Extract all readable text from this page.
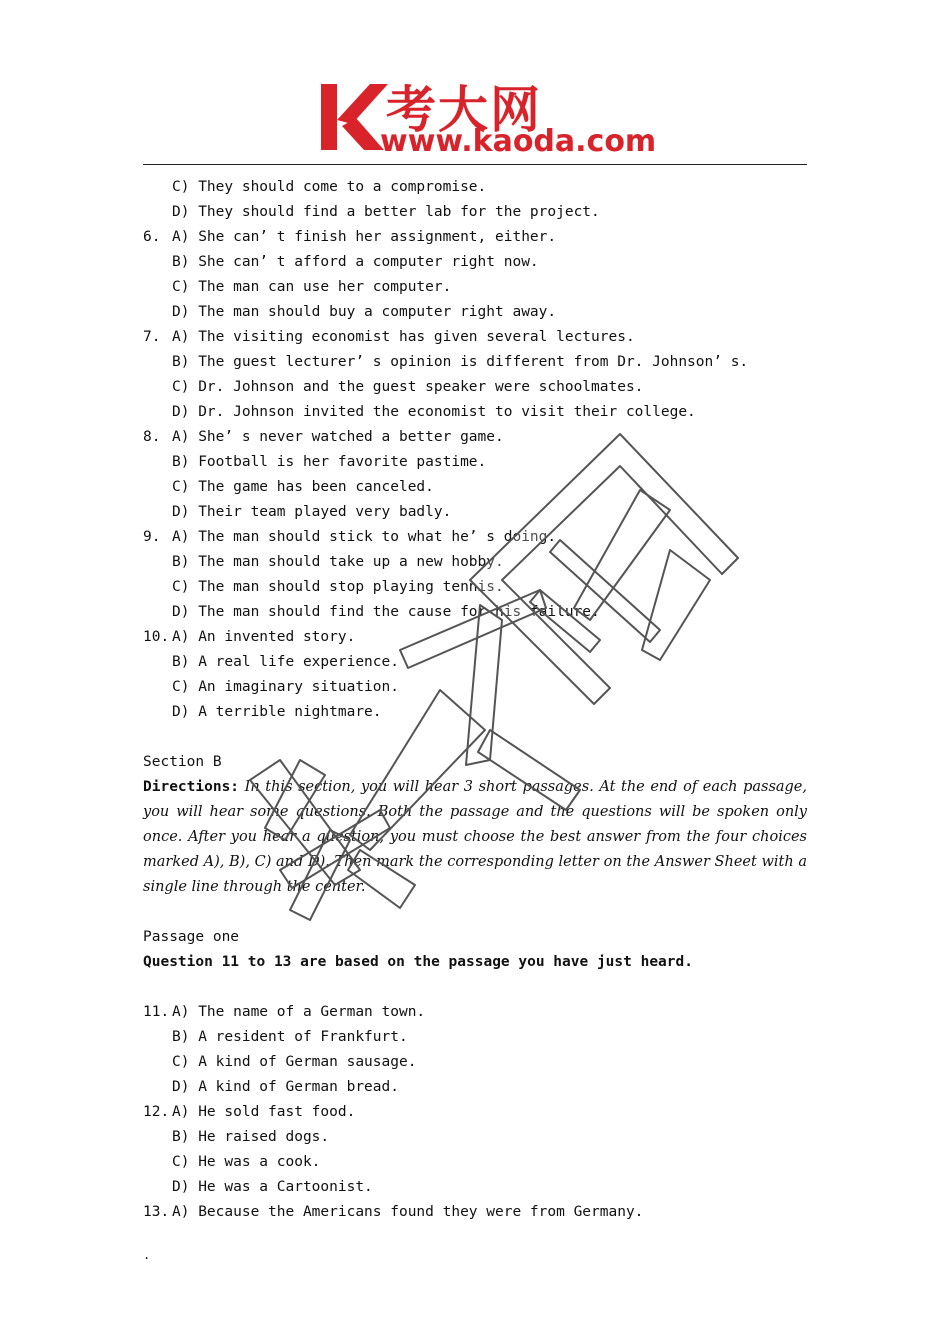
考大网
www.kaoda.com
C) They should come to a compromise.
D) They should find a better lab for the project.
6. A) She can’ t finish her assignment, either.
B) She can’ t afford a computer right now.
C) The man can use her computer.
D) The man should buy a computer right away.
7. A) The visiting economist has given several lectures.
B) The guest lecturer’ s opinion is different from Dr. Johnson’ s.
C) Dr. Johnson and the guest speaker were schoolmates.
D) Dr. Johnson invited the economist to visit their college.
8. A) She’ s never watched a better game.
B) Football is her favorite pastime.
C) The game has been canceled.
D) Their team played very badly.
9. A) The man should stick to what he’ s doing.
B) The man should take up a new hobby.
C) The man should stop playing tennis.
D) The man should find the cause for his failure.
10. A) An invented story.
B) A real life experience.
C) An imaginary situation.
D) A terrible nightmare.
Section B
Directions: In this section, you will hear 3 short passages. At the end of each passage, you will hear some questions. Both the passage and the questions will be spoken only once. After you hear a question, you must choose the best answer from the four choices marked A), B), C) and D). Then mark the corresponding letter on the Answer Sheet with a single line through the center.
Passage one
Question 11 to 13 are based on the passage you have just heard.
11. A) The name of a German town.
B) A resident of Frankfurt.
C) A kind of German sausage.
D) A kind of German bread.
12. A) He sold fast food.
B) He raised dogs.
C) He was a cook.
D) He was a Cartoonist.
13. A) Because the Americans found they were from Germany.
.
